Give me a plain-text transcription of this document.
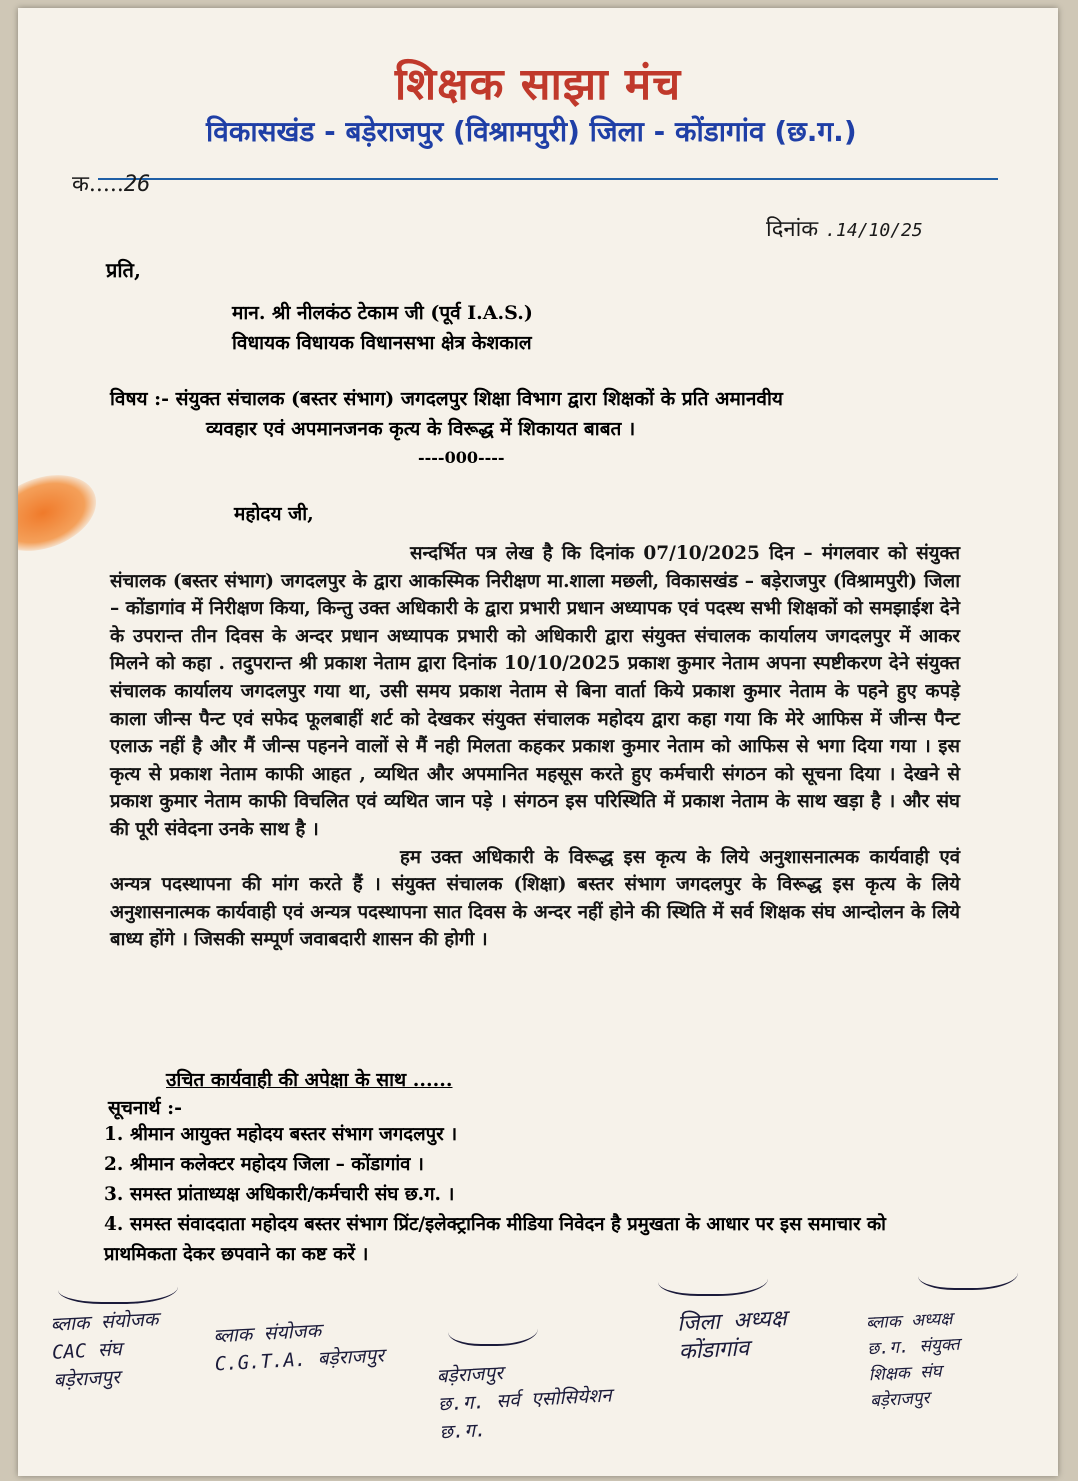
शिक्षक साझा मंच
विकासखंड - बड़ेराजपुर (विश्रामपुरी) जिला - कोंडागांव (छ.ग.)
क.....26
दिनांक .14/10/25
प्रति,
मान. श्री नीलकंठ टेकाम जी (पूर्व I.A.S.)
विधायक विधायक विधानसभा क्षेत्र केशकाल
विषय :- संयुक्त संचालक (बस्तर संभाग) जगदलपुर शिक्षा विभाग द्वारा शिक्षकों के प्रति अमानवीय
व्यवहार एवं अपमानजनक कृत्य के विरूद्ध में शिकायत बाबत ।
----000----
महोदय जी,

सन्दर्भित पत्र लेख है कि दिनांक 07/10/2025 दिन – मंगलवार को संयुक्त संचालक (बस्तर संभाग) जगदलपुर के द्वारा आकस्मिक निरीक्षण मा.शाला मछली, विकासखंड – बड़ेराजपुर (विश्रामपुरी) जिला – कोंडागांव में निरीक्षण किया, किन्तु उक्त अधिकारी के द्वारा प्रभारी प्रधान अध्यापक एवं पदस्थ सभी शिक्षकों को समझाईश देने के उपरान्त तीन दिवस के अन्दर प्रधान अध्यापक प्रभारी को अधिकारी द्वारा संयुक्त संचालक कार्यालय जगदलपुर में आकर मिलने को कहा . तदुपरान्त श्री प्रकाश नेताम द्वारा दिनांक 10/10/2025 प्रकाश कुमार नेताम अपना स्पष्टीकरण देने संयुक्त संचालक कार्यालय जगदलपुर गया था, उसी समय प्रकाश नेताम से बिना वार्ता किये प्रकाश कुमार नेताम के पहने हुए कपड़े काला जीन्स पैन्ट एवं सफेद फूलबाहीं शर्ट को देखकर संयुक्त संचालक महोदय द्वारा कहा गया कि मेरे आफिस में जीन्स पैन्ट एलाऊ नहीं है और मैं जीन्स पहनने वालों से मैं नही मिलता कहकर प्रकाश कुमार नेताम को आफिस से भगा दिया गया । इस कृत्य से प्रकाश नेताम काफी आहत , व्यथित और अपमानित महसूस करते हुए कर्मचारी संगठन को सूचना दिया । देखने से प्रकाश कुमार नेताम काफी विचलित एवं व्यथित जान पड़े । संगठन इस परिस्थिति में प्रकाश नेताम के साथ खड़ा है । और संघ की पूरी संवेदना उनके साथ है ।

हम उक्त अधिकारी के विरूद्ध इस कृत्य के लिये अनुशासनात्मक कार्यवाही एवं अन्यत्र पदस्थापना की मांग करते हैं । संयुक्त संचालक (शिक्षा) बस्तर संभाग जगदलपुर के विरूद्ध इस कृत्य के लिये अनुशासनात्मक कार्यवाही एवं अन्यत्र पदस्थापना सात दिवस के अन्दर नहीं होने की स्थिति में सर्व शिक्षक संघ आन्दोलन के लिये बाध्य होंगे । जिसकी सम्पूर्ण जवाबदारी शासन की होगी ।

उचित कार्यवाही की अपेक्षा के साथ ......
सूचनार्थ :-
1. श्रीमान आयुक्त महोदय बस्तर संभाग जगदलपुर ।
2. श्रीमान कलेक्टर महोदय जिला – कोंडागांव ।
3. समस्त प्रांताध्यक्ष अधिकारी/कर्मचारी संघ छ.ग. ।
4. समस्त संवाददाता महोदय बस्तर संभाग प्रिंट/इलेक्ट्रानिक मीडिया निवेदन है प्रमुखता के आधार पर इस समाचार को प्राथमिकता देकर छपवाने का कष्ट करें ।
ब्लाक संयोजक
CAC संघ
बड़ेराजपुर
ब्लाक संयोजक
C.G.T.A. बड़ेराजपुर	बड़ेराजपुर
छ.ग. सर्व एसोसियेशन
छ.ग.
जिला अध्यक्ष
कोंडागांव
ब्लाक अध्यक्ष
छ.ग. संयुक्त
शिक्षक संघ
बड़ेराजपुर
